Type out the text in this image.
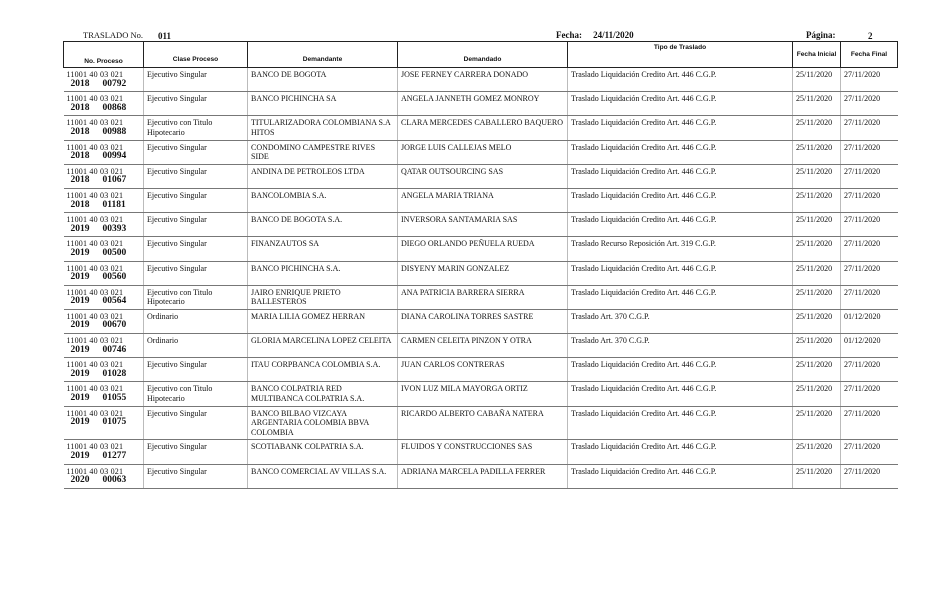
TRASLADO No. 011	Fecha: 24/11/2020	Página:	2
No. Proceso	Clase Proceso	Demandante	Demandado	Tipo de Traslado	Fecha Inicial	Fecha Final

11001 40 03 021
2018 00792	Ejecutivo Singular	BANCO DE BOGOTA	JOSE FERNEY CARRERA DONADO	Traslado Liquidación Credito Art. 446 C.G.P.	25/11/2020	27/11/2020

11001 40 03 021
2018 00868	Ejecutivo Singular	BANCO PICHINCHA SA	ANGELA JANNETH GOMEZ MONROY	Traslado Liquidación Credito Art. 446 C.G.P.	25/11/2020	27/11/2020

11001 40 03 021
2018 00988	Ejecutivo con Titulo Hipotecario	TITULARIZADORA COLOMBIANA S.A HITOS	CLARA MERCEDES CABALLERO BAQUERO	Traslado Liquidación Credito Art. 446 C.G.P.	25/11/2020	27/11/2020

11001 40 03 021
2018 00994	Ejecutivo Singular	CONDOMINO CAMPESTRE RIVES SIDE	JORGE LUIS CALLEJAS MELO	Traslado Liquidación Credito Art. 446 C.G.P.	25/11/2020	27/11/2020

11001 40 03 021
2018 01067	Ejecutivo Singular	ANDINA DE PETROLEOS LTDA	QATAR OUTSOURCING SAS	Traslado Liquidación Credito Art. 446 C.G.P.	25/11/2020	27/11/2020

11001 40 03 021
2018 01181	Ejecutivo Singular	BANCOLOMBIA S.A.	ANGELA MARIA TRIANA	Traslado Liquidación Credito Art. 446 C.G.P.	25/11/2020	27/11/2020

11001 40 03 021
2019 00393	Ejecutivo Singular	BANCO DE BOGOTA S.A.	INVERSORA SANTAMARIA SAS	Traslado Liquidación Credito Art. 446 C.G.P.	25/11/2020	27/11/2020

11001 40 03 021
2019 00500	Ejecutivo Singular	FINANZAUTOS SA	DIEGO ORLANDO PEÑUELA RUEDA	Traslado Recurso Reposición Art. 319 C.G.P.	25/11/2020	27/11/2020

11001 40 03 021
2019 00560	Ejecutivo Singular	BANCO PICHINCHA S.A.	DISYENY MARIN GONZALEZ	Traslado Liquidación Credito Art. 446 C.G.P.	25/11/2020	27/11/2020

11001 40 03 021
2019 00564	Ejecutivo con Titulo Hipotecario	JAIRO ENRIQUE PRIETO BALLESTEROS	ANA PATRICIA BARRERA SIERRA	Traslado Liquidación Credito Art. 446 C.G.P.	25/11/2020	27/11/2020

11001 40 03 021
2019 00670	Ordinario	MARIA LILIA GOMEZ HERRAN	DIANA CAROLINA TORRES SASTRE	Traslado Art. 370 C.G.P.	25/11/2020	01/12/2020

11001 40 03 021
2019 00746	Ordinario	GLORIA MARCELINA LOPEZ CELEITA	CARMEN CELEITA PINZON Y OTRA	Traslado Art. 370 C.G.P.	25/11/2020	01/12/2020

11001 40 03 021
2019 01028	Ejecutivo Singular	ITAU CORPBANCA COLOMBIA S.A.	JUAN CARLOS CONTRERAS	Traslado Liquidación Credito Art. 446 C.G.P.	25/11/2020	27/11/2020

11001 40 03 021
2019 01055	Ejecutivo con Titulo Hipotecario	BANCO COLPATRIA RED MULTIBANCA COLPATRIA S.A.	IVON LUZ MILA MAYORGA ORTIZ	Traslado Liquidación Credito Art. 446 C.G.P.	25/11/2020	27/11/2020

11001 40 03 021
2019 01075	Ejecutivo Singular	BANCO BILBAO VIZCAYA ARGENTARIA COLOMBIA BBVA COLOMBIA	RICARDO ALBERTO CABAÑA NATERA	Traslado Liquidación Credito Art. 446 C.G.P.	25/11/2020	27/11/2020

11001 40 03 021
2019 01277	Ejecutivo Singular	SCOTIABANK COLPATRIA S.A.	FLUIDOS Y CONSTRUCCIONES SAS	Traslado Liquidación Credito Art. 446 C.G.P.	25/11/2020	27/11/2020

11001 40 03 021
2020 00063	Ejecutivo Singular	BANCO COMERCIAL AV VILLAS S.A.	ADRIANA MARCELA PADILLA FERRER	Traslado Liquidación Credito Art. 446 C.G.P.	25/11/2020	27/11/2020
